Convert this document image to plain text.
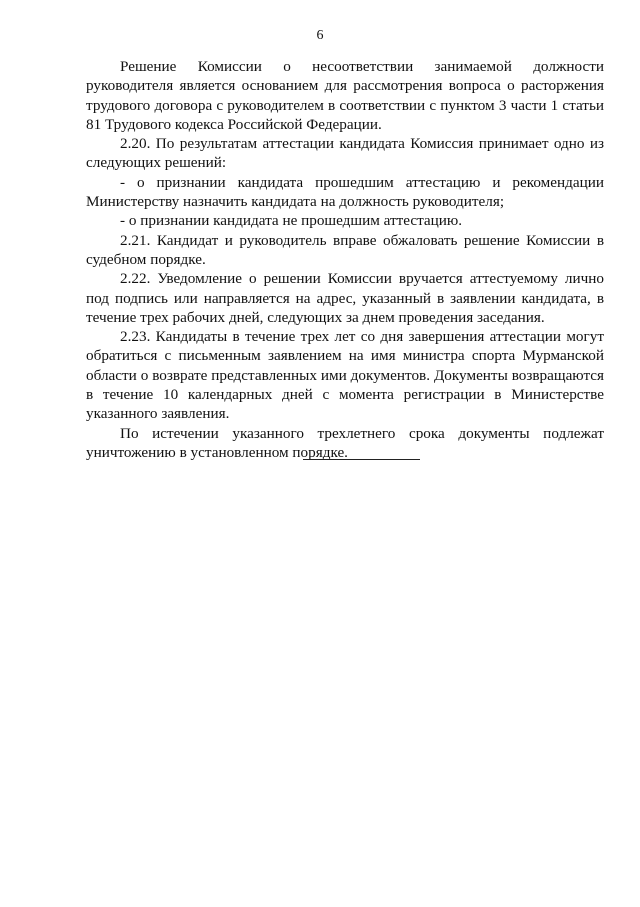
6

Решение Комиссии о несоответствии занимаемой должности руководителя является основанием для рассмотрения вопроса о расторжения трудового договора с руководителем в соответствии с пунктом 3 части 1 статьи 81 Трудового кодекса Российской Федерации.

2.20. По результатам аттестации кандидата Комиссия принимает одно из следующих решений:

- о признании кандидата прошедшим аттестацию и рекомендации Министерству назначить кандидата на должность руководителя;

- о признании кандидата не прошедшим аттестацию.

2.21. Кандидат и руководитель вправе обжаловать решение Комиссии в судебном порядке.

2.22. Уведомление о решении Комиссии вручается аттестуемому лично под подпись или направляется на адрес, указанный в заявлении кандидата, в течение трех рабочих дней, следующих за днем проведения заседания.

2.23. Кандидаты в течение трех лет со дня завершения аттестации могут обратиться с письменным заявлением на имя министра спорта Мурманской области о возврате представленных ими документов. Документы возвращаются в течение 10 календарных дней с момента регистрации в Министерстве указанного заявления.

По истечении указанного трехлетнего срока документы подлежат уничтожению в установленном порядке.
